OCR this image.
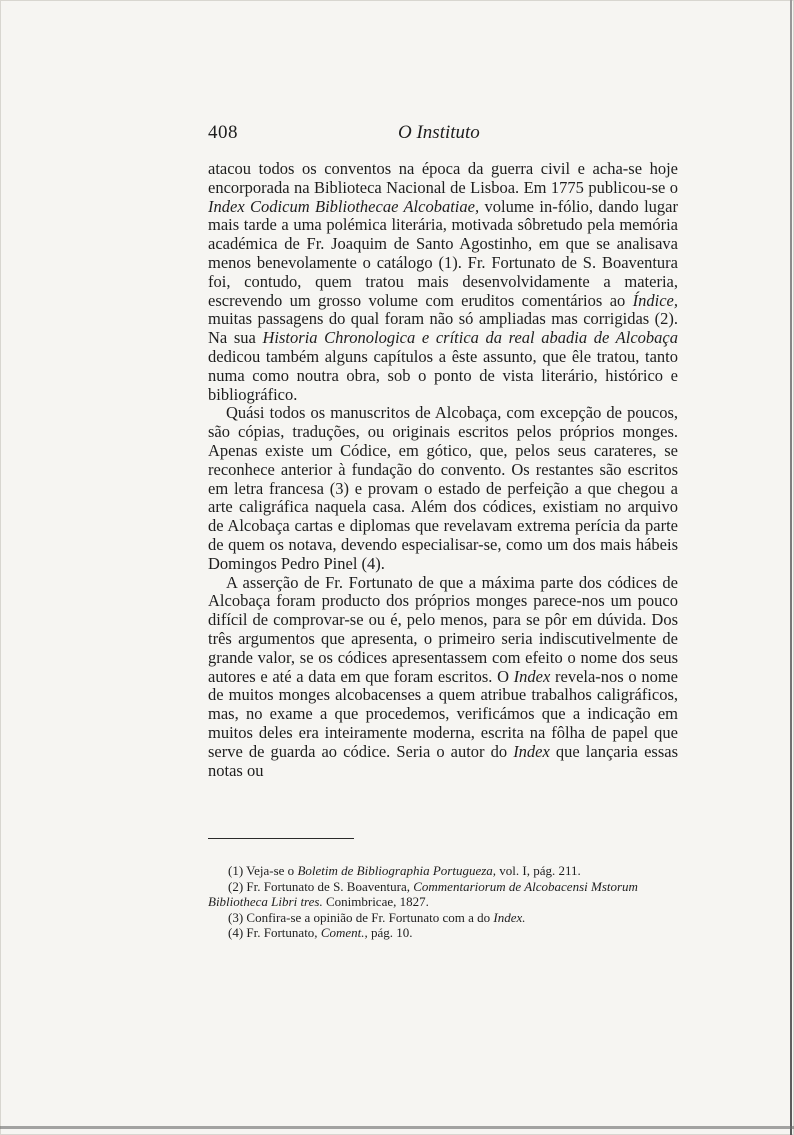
408	O Instituto

atacou todos os conventos na época da guerra civil e acha-se hoje encorporada na Biblioteca Nacional de Lisboa. Em 1775 publicou-se o Index Codicum Bibliothecae Alcobatiae, volume in-fólio, dando lugar mais tarde a uma polémica literária, motivada sôbretudo pela memória académica de Fr. Joaquim de Santo Agostinho, em que se analisava menos benevolamente o catálogo (1). Fr. Fortunato de S. Boaventura foi, contudo, quem tratou mais desenvolvidamente a materia, escrevendo um grosso volume com eruditos comentários ao Índice, muitas passagens do qual foram não só ampliadas mas corrigidas (2). Na sua Historia Chronologica e crítica da real abadia de Alcobaça dedicou também alguns capítulos a êste assunto, que êle tratou, tanto numa como noutra obra, sob o ponto de vista literário, histórico e bibliográfico.

Quási todos os manuscritos de Alcobaça, com excepção de poucos, são cópias, traduções, ou originais escritos pelos próprios monges. Apenas existe um Códice, em gótico, que, pelos seus carateres, se reconhece anterior à fundação do convento. Os restantes são escritos em letra francesa (3) e provam o estado de perfeição a que chegou a arte caligráfica naquela casa. Além dos códices, existiam no arquivo de Alcobaça cartas e diplomas que revelavam extrema perícia da parte de quem os notava, devendo especialisar-se, como um dos mais hábeis Domingos Pedro Pinel (4).

A asserção de Fr. Fortunato de que a máxima parte dos códices de Alcobaça foram producto dos próprios monges parece-nos um pouco difícil de comprovar-se ou é, pelo menos, para se pôr em dúvida. Dos três argumentos que apresenta, o primeiro seria indiscutivelmente de grande valor, se os códices apresentassem com efeito o nome dos seus autores e até a data em que foram escritos. O Index revela-nos o nome de muitos monges alcobacenses a quem atribue trabalhos caligráficos, mas, no exame a que procedemos, verificámos que a indicação em muitos deles era inteiramente moderna, escrita na fôlha de papel que serve de guarda ao códice. Seria o autor do Index que lançaria essas notas ou

(1) Veja-se o Boletim de Bibliographia Portugueza, vol. I, pág. 211.

(2) Fr. Fortunato de S. Boaventura, Commentariorum de Alcobacensi Mstorum Bibliotheca Libri tres. Conimbricae, 1827.

(3) Confira-se a opinião de Fr. Fortunato com a do Index.

(4) Fr. Fortunato, Coment., pág. 10.
